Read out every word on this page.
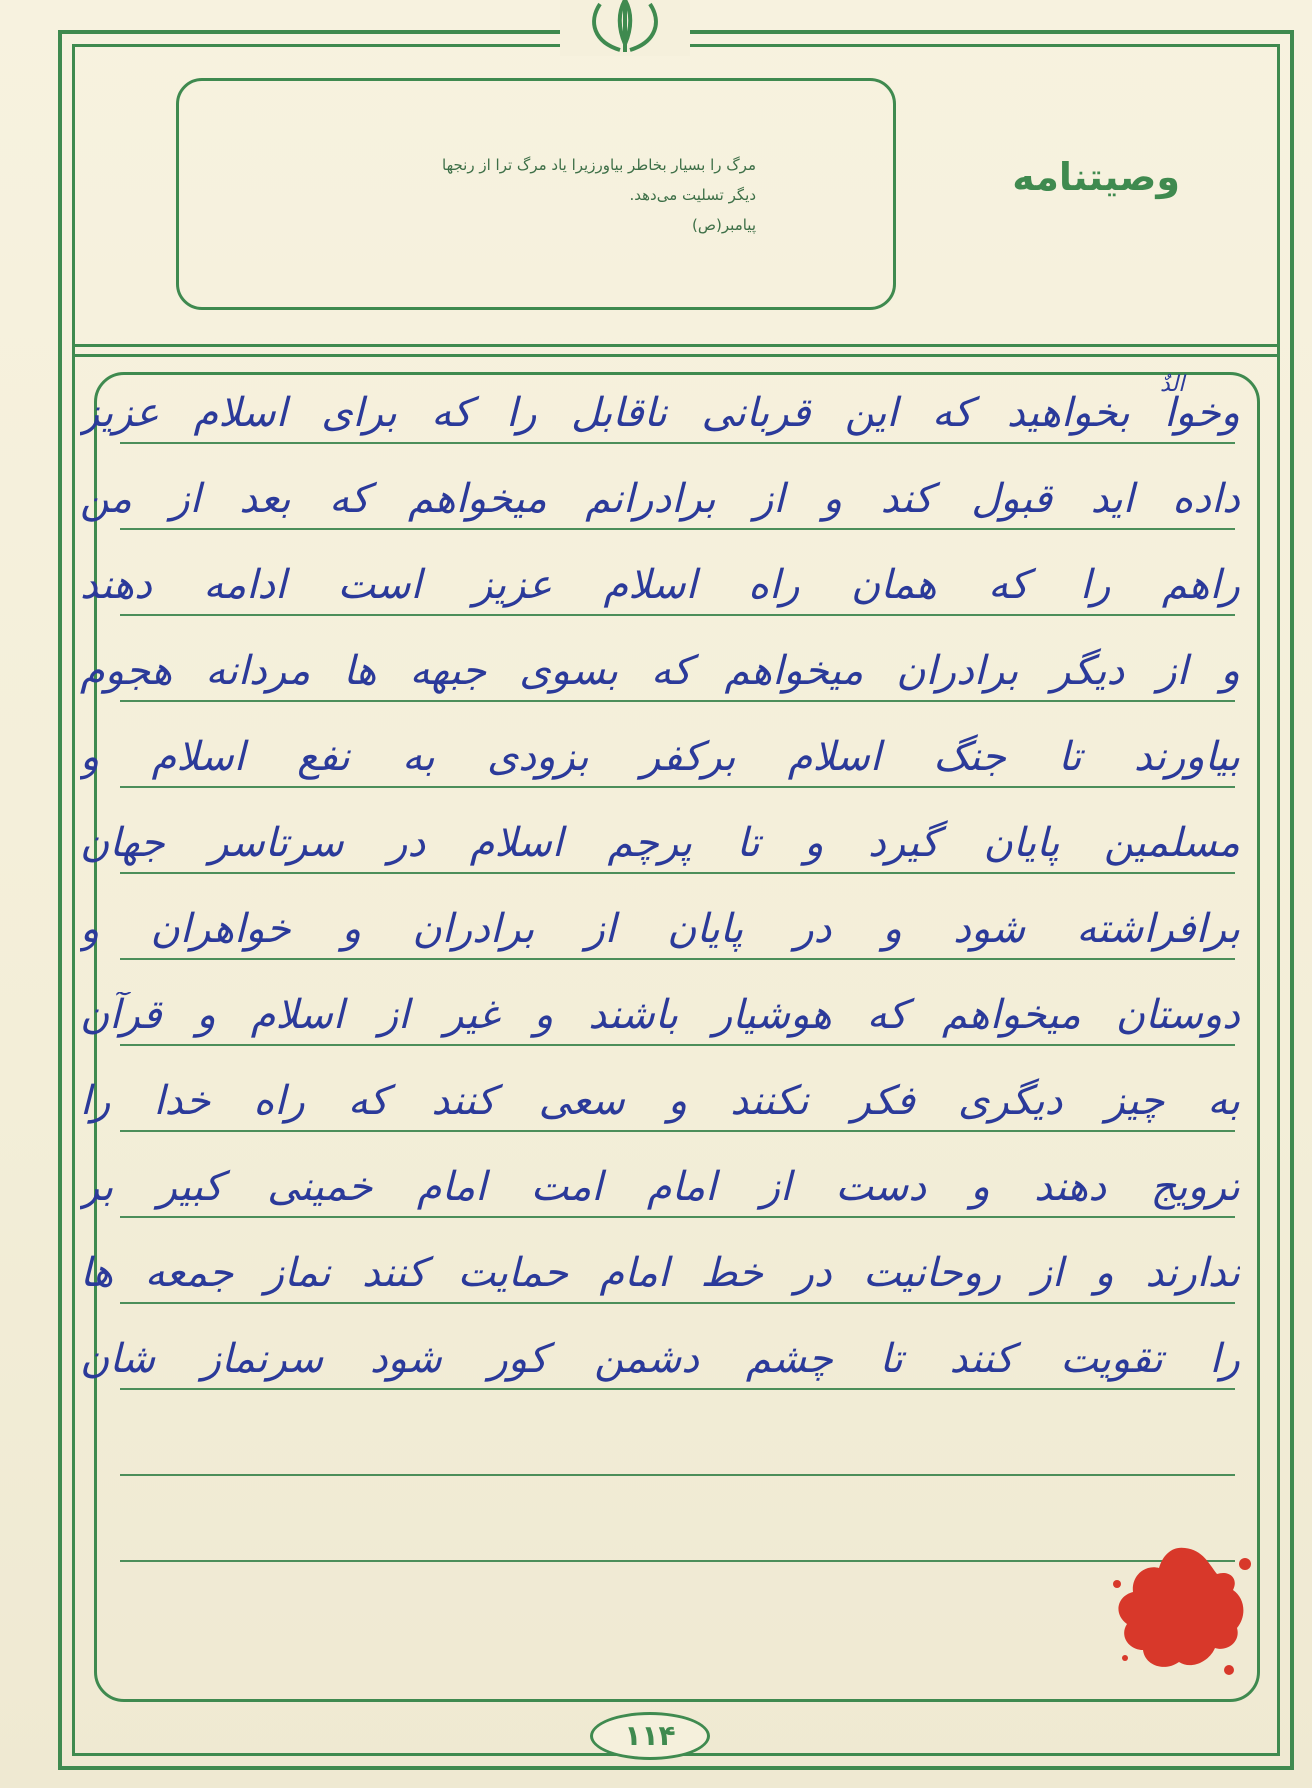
مرگ را بسیار بخاطر بیاورزیرا یاد مرگ ترا از رنجها
دیگر تسلیت می‌دهد.
پیامبر(ص)
وصیتنامه
الدٌ
وخوا بخواهید که این قربانی ناقابل را که برای اسلام عزیز
داده اید قبول کند و از برادرانم میخواهم که بعد از من
راهم را که همان راه اسلام عزیز است ادامه دهند
و از دیگر برادران میخواهم که بسوی جبهه ها مردانه هجوم
بیاورند تا جنگ اسلام برکفر بزودی به نفع اسلام و
مسلمین پایان گیرد و تا پرچم اسلام در سرتاسر جهان
برافراشته شود و در پایان از برادران و خواهران و
دوستان میخواهم که هوشیار باشند و غیر از اسلام و قرآن
به چیز دیگری فکر نکنند و سعی کنند که راه خدا را
ترویج دهند و دست از امام امت امام خمینی کبیر بر
ندارند و از روحانیت در خط امام حمایت کنند نماز جمعه ها
را تقویت کنند تا چشم دشمن کور شود سرنماز شان
۱۱۴
